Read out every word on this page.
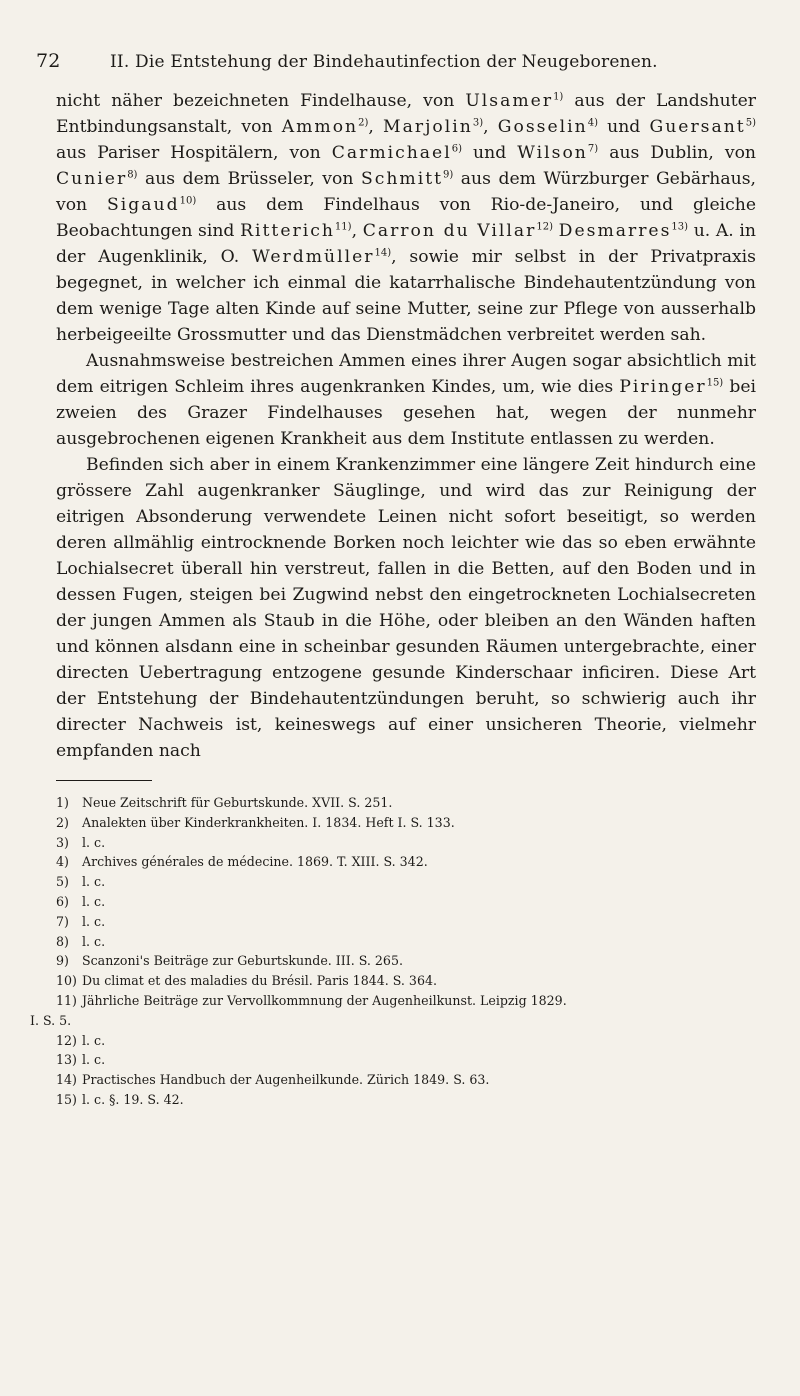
72	II. Die Entstehung der Bindehautinfection der Neugeborenen.

nicht näher bezeichneten Findelhause, von Ulsamer$^{1)}$ aus der Landshuter Entbindungsanstalt, von Ammon$^{2)}$, Marjolin$^{3)}$, Gosselin$^{4)}$ und Guersant$^{5)}$ aus Pariser Hospitälern, von Carmichael$^{6)}$ und Wilson$^{7)}$ aus Dublin, von Cunier$^{8)}$ aus dem Brüsseler, von Schmitt$^{9)}$ aus dem Würzburger Gebärhaus, von Sigaud$^{10)}$ aus dem Findelhaus von Rio-de-Janeiro, und gleiche Beobachtungen sind Ritterich$^{11)}$, Carron du Villar$^{12)}$ Desmarres$^{13)}$ u. A. in der Augenklinik, O. Werdmüller$^{14)}$, sowie mir selbst in der Privatpraxis begegnet, in welcher ich einmal die katarrhalische Bindehautentzündung von dem wenige Tage alten Kinde auf seine Mutter, seine zur Pflege von ausserhalb herbeigeeilte Grossmutter und das Dienstmädchen verbreitet werden sah.

Ausnahmsweise bestreichen Ammen eines ihrer Augen sogar absichtlich mit dem eitrigen Schleim ihres augenkranken Kindes, um, wie dies Piringer$^{15)}$ bei zweien des Grazer Findelhauses gesehen hat, wegen der nunmehr ausgebrochenen eigenen Krankheit aus dem Institute entlassen zu werden.

Befinden sich aber in einem Krankenzimmer eine längere Zeit hindurch eine grössere Zahl augenkranker Säuglinge, und wird das zur Reinigung der eitrigen Absonderung verwendete Leinen nicht sofort beseitigt, so werden deren allmählig eintrocknende Borken noch leichter wie das so eben erwähnte Lochialsecret überall hin verstreut, fallen in die Betten, auf den Boden und in dessen Fugen, steigen bei Zugwind nebst den eingetrockneten Lochialsecreten der jungen Ammen als Staub in die Höhe, oder bleiben an den Wänden haften und können alsdann eine in scheinbar gesunden Räumen untergebrachte, einer directen Uebertragung entzogene gesunde Kinderschaar inficiren. Diese Art der Entstehung der Bindehautentzündungen beruht, so schwierig auch ihr directer Nachweis ist, keineswegs auf einer unsicheren Theorie, vielmehr empfanden nach

1) Neue Zeitschrift für Geburtskunde. XVII. S. 251.
2) Analekten über Kinderkrankheiten. I. 1834. Heft I. S. 133.
3) l. c.
4) Archives générales de médecine. 1869. T. XIII. S. 342.
5) l. c.
6) l. c.
7) l. c.
8) l. c.
9) Scanzoni's Beiträge zur Geburtskunde. III. S. 265.
10) Du climat et des maladies du Brésil. Paris 1844. S. 364.
11) Jährliche Beiträge zur Vervollkommnung der Augenheilkunst. Leipzig 1829.
I. S. 5.
12) l. c.
13) l. c.
14) Practisches Handbuch der Augenheilkunde. Zürich 1849. S. 63.
15) l. c. §. 19. S. 42.
